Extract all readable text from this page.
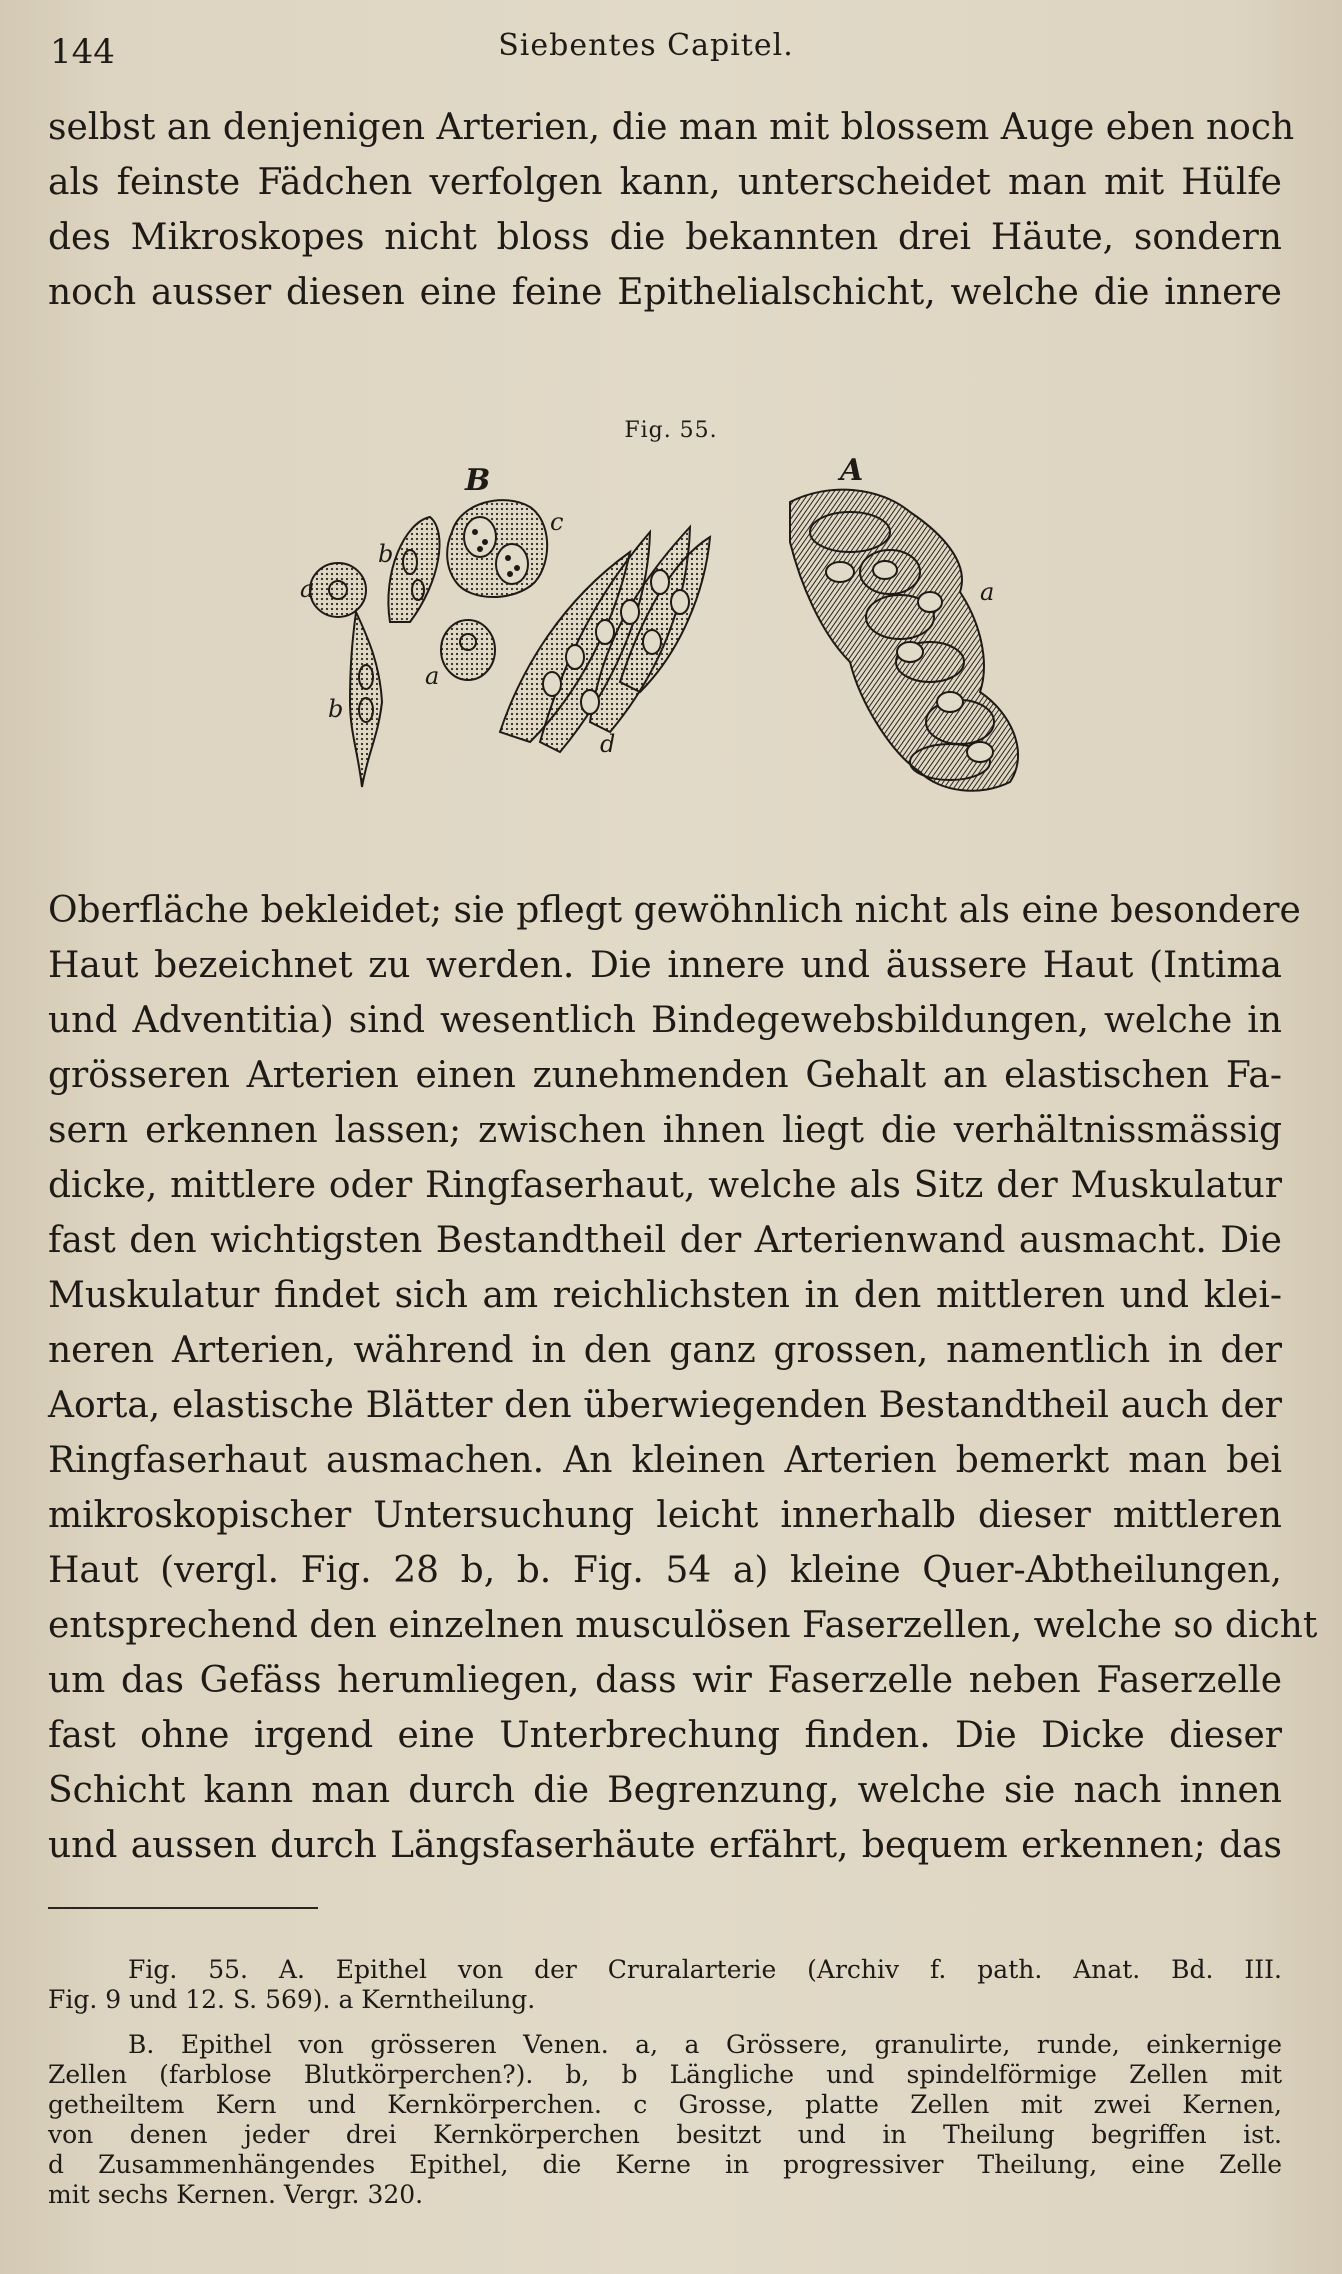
144	Siebentes Capitel.

selbst an denjenigen Arterien, die man mit blossem Auge eben noch
als feinste Fädchen verfolgen kann, unterscheidet man mit Hülfe
des Mikroskopes nicht bloss die bekannten drei Häute, sondern
noch ausser diesen eine feine Epithelialschicht, welche die innere

Fig. 55.
B	A
a
a
a
b
b
c
d

Oberfläche bekleidet; sie pflegt gewöhnlich nicht als eine besondere
Haut bezeichnet zu werden. Die innere und äussere Haut (Intima
und Adventitia) sind wesentlich Bindegewebsbildungen, welche in
grösseren Arterien einen zunehmenden Gehalt an elastischen Fa-
sern erkennen lassen; zwischen ihnen liegt die verhältnissmässig
dicke, mittlere oder Ringfaserhaut, welche als Sitz der Muskulatur
fast den wichtigsten Bestandtheil der Arterienwand ausmacht. Die
Muskulatur findet sich am reichlichsten in den mittleren und klei-
neren Arterien, während in den ganz grossen, namentlich in der
Aorta, elastische Blätter den überwiegenden Bestandtheil auch der
Ringfaserhaut ausmachen. An kleinen Arterien bemerkt man bei
mikroskopischer Untersuchung leicht innerhalb dieser mittleren
Haut (vergl. Fig. 28 b, b. Fig. 54 a) kleine Quer-Abtheilungen,
entsprechend den einzelnen musculösen Faserzellen, welche so dicht
um das Gefäss herumliegen, dass wir Faserzelle neben Faserzelle
fast ohne irgend eine Unterbrechung finden. Die Dicke dieser
Schicht kann man durch die Begrenzung, welche sie nach innen
und aussen durch Längsfaserhäute erfährt, bequem erkennen; das

Fig. 55. A. Epithel von der Cruralarterie (Archiv f. path. Anat. Bd. III.
Fig. 9 und 12. S. 569). a Kerntheilung.

B. Epithel von grösseren Venen. a, a Grössere, granulirte, runde, einkernige
Zellen (farblose Blutkörperchen?). b, b Längliche und spindelförmige Zellen mit
getheiltem Kern und Kernkörperchen. c Grosse, platte Zellen mit zwei Kernen,
von denen jeder drei Kernkörperchen besitzt und in Theilung begriffen ist.
d Zusammenhängendes Epithel, die Kerne in progressiver Theilung, eine Zelle
mit sechs Kernen. Vergr. 320.
